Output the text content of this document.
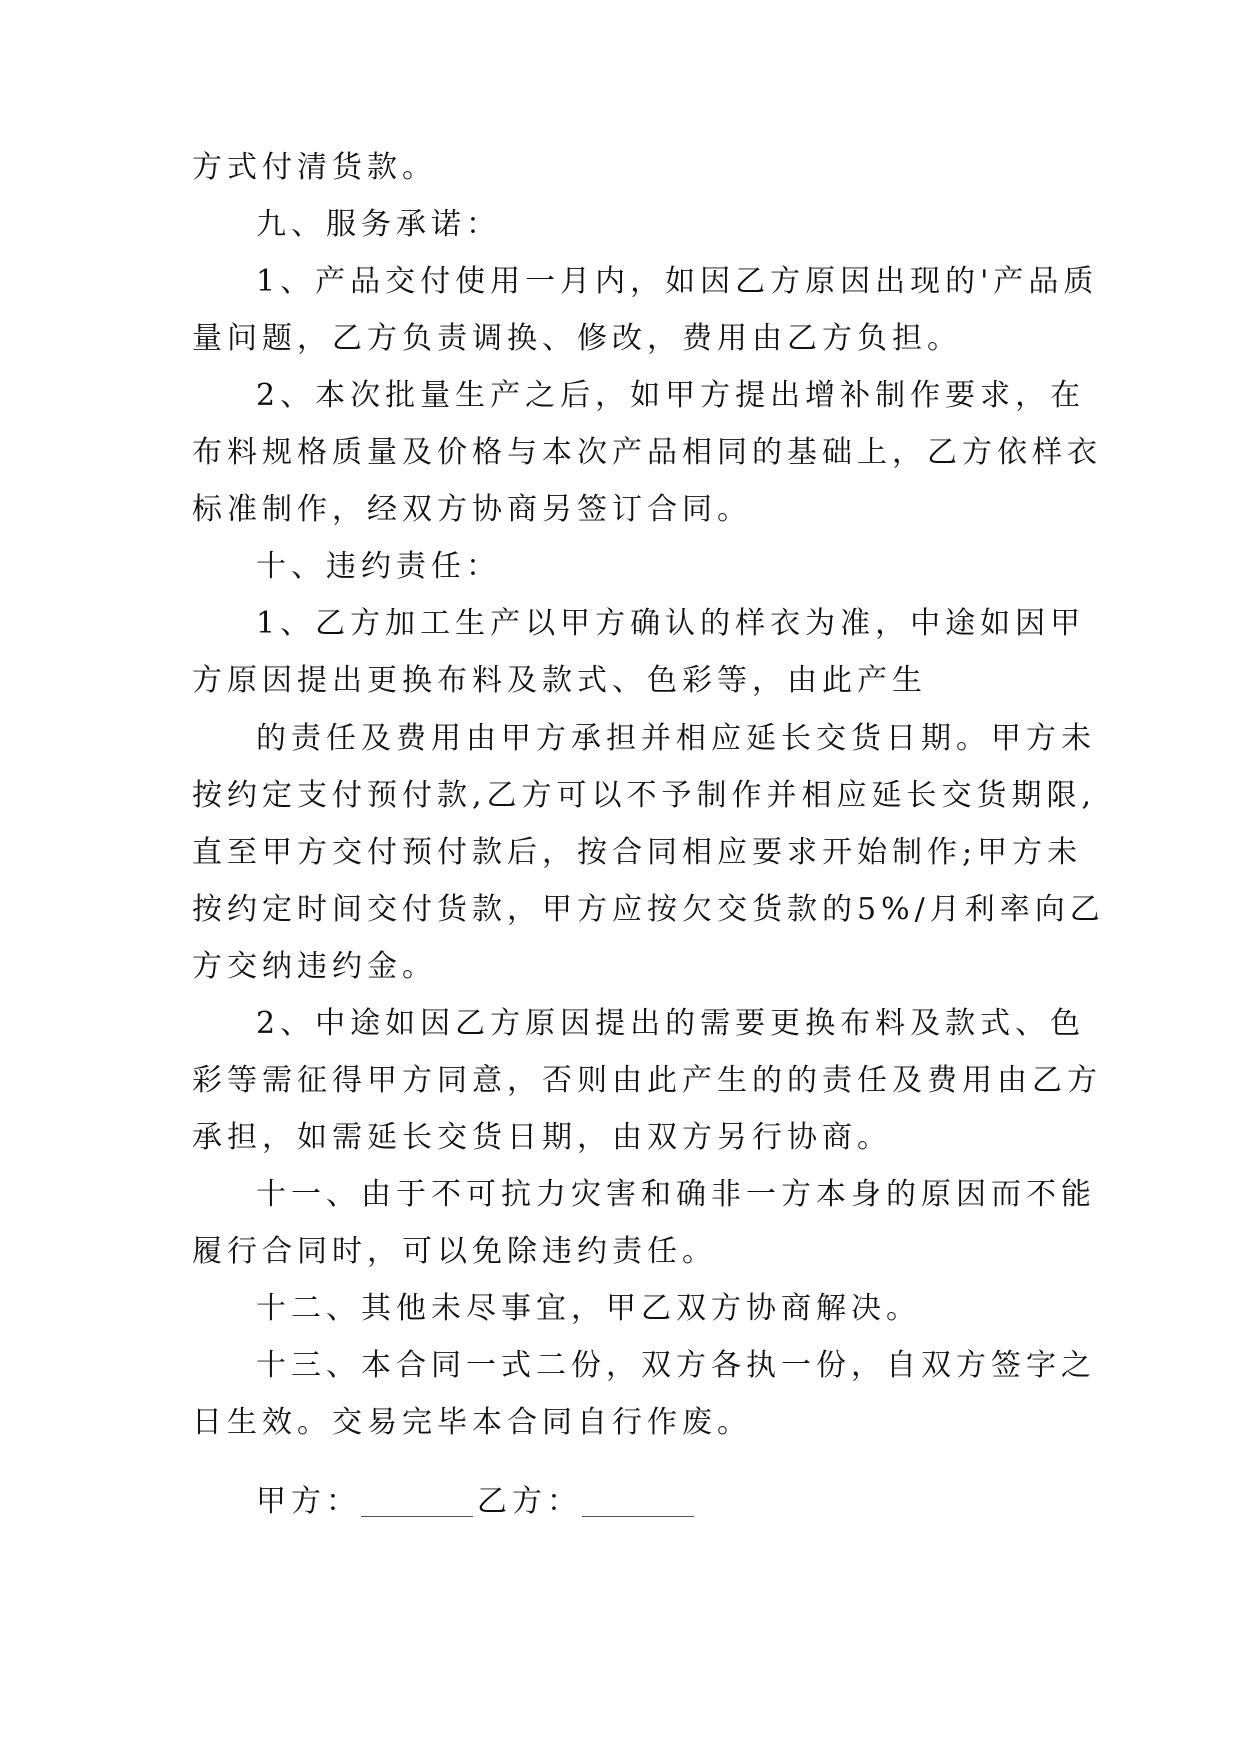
方式付清货款。

九、服务承诺：

1、产品交付使用一月内，如因乙方原因出现的'产品质

量问题，乙方负责调换、修改，费用由乙方负担。

2、本次批量生产之后，如甲方提出增补制作要求，在

布料规格质量及价格与本次产品相同的基础上，乙方依样衣

标准制作，经双方协商另签订合同。

十、违约责任：

1、乙方加工生产以甲方确认的样衣为准，中途如因甲

方原因提出更换布料及款式、色彩等，由此产生

的责任及费用由甲方承担并相应延长交货日期。甲方未

按约定支付预付款,乙方可以不予制作并相应延长交货期限,

直至甲方交付预付款后，按合同相应要求开始制作;甲方未

按约定时间交付货款，甲方应按欠交货款的5%/月利率向乙

方交纳违约金。

2、中途如因乙方原因提出的需要更换布料及款式、色

彩等需征得甲方同意，否则由此产生的的责任及费用由乙方

承担，如需延长交货日期，由双方另行协商。

十一、由于不可抗力灾害和确非一方本身的原因而不能

履行合同时，可以免除违约责任。

十二、其他未尽事宜，甲乙双方协商解决。

十三、本合同一式二份，双方各执一份，自双方签字之

日生效。交易完毕本合同自行作废。

甲方：	乙方：
